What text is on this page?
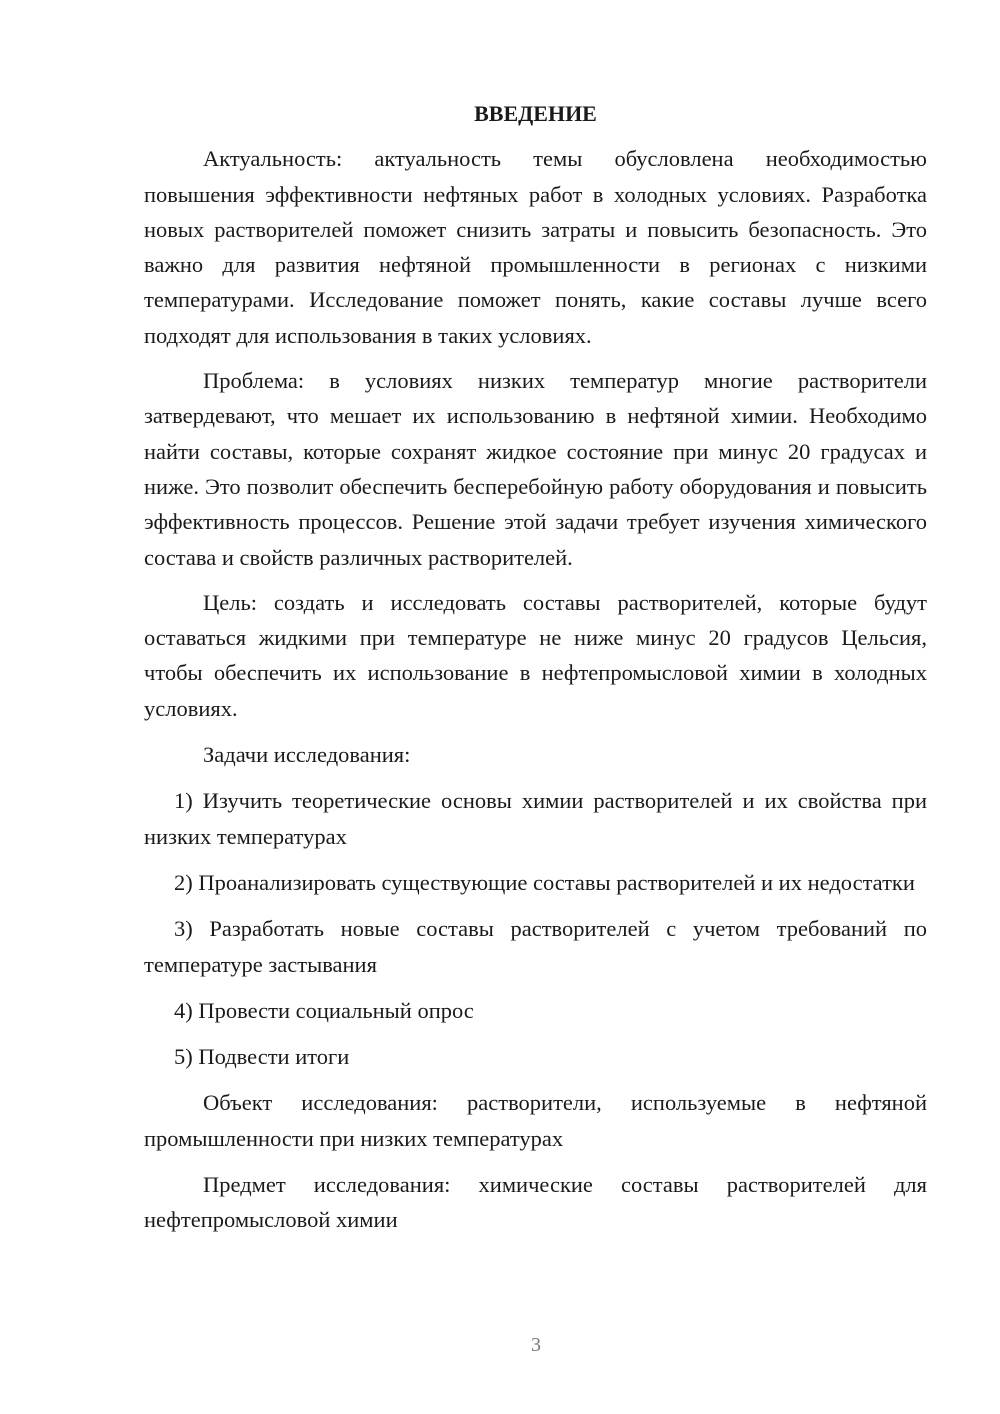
ВВЕДЕНИЕ

Актуальность: актуальность темы обусловлена необходимостью повышения эффективности нефтяных работ в холодных условиях. Разработка новых растворителей поможет снизить затраты и повысить безопасность. Это важно для развития нефтяной промышленности в регионах с низкими температурами. Исследование поможет понять, какие составы лучше всего подходят для использования в таких условиях.

Проблема: в условиях низких температур многие растворители затвердевают, что мешает их использованию в нефтяной химии. Необходимо найти составы, которые сохранят жидкое состояние при минус 20 градусах и ниже. Это позволит обеспечить бесперебойную работу оборудования и повысить эффективность процессов. Решение этой задачи требует изучения химического состава и свойств различных растворителей.

Цель: создать и исследовать составы растворителей, которые будут оставаться жидкими при температуре не ниже минус 20 градусов Цельсия, чтобы обеспечить их использование в нефтепромысловой химии в холодных условиях.

Задачи исследования:

1) Изучить теоретические основы химии растворителей и их свойства при низких температурах

2) Проанализировать существующие составы растворителей и их недостатки

3) Разработать новые составы растворителей с учетом требований по температуре застывания

4) Провести социальный опрос

5) Подвести итоги

Объект исследования: растворители, используемые в нефтяной промышленности при низких температурах

Предмет исследования: химические составы растворителей для нефтепромысловой химии

3
